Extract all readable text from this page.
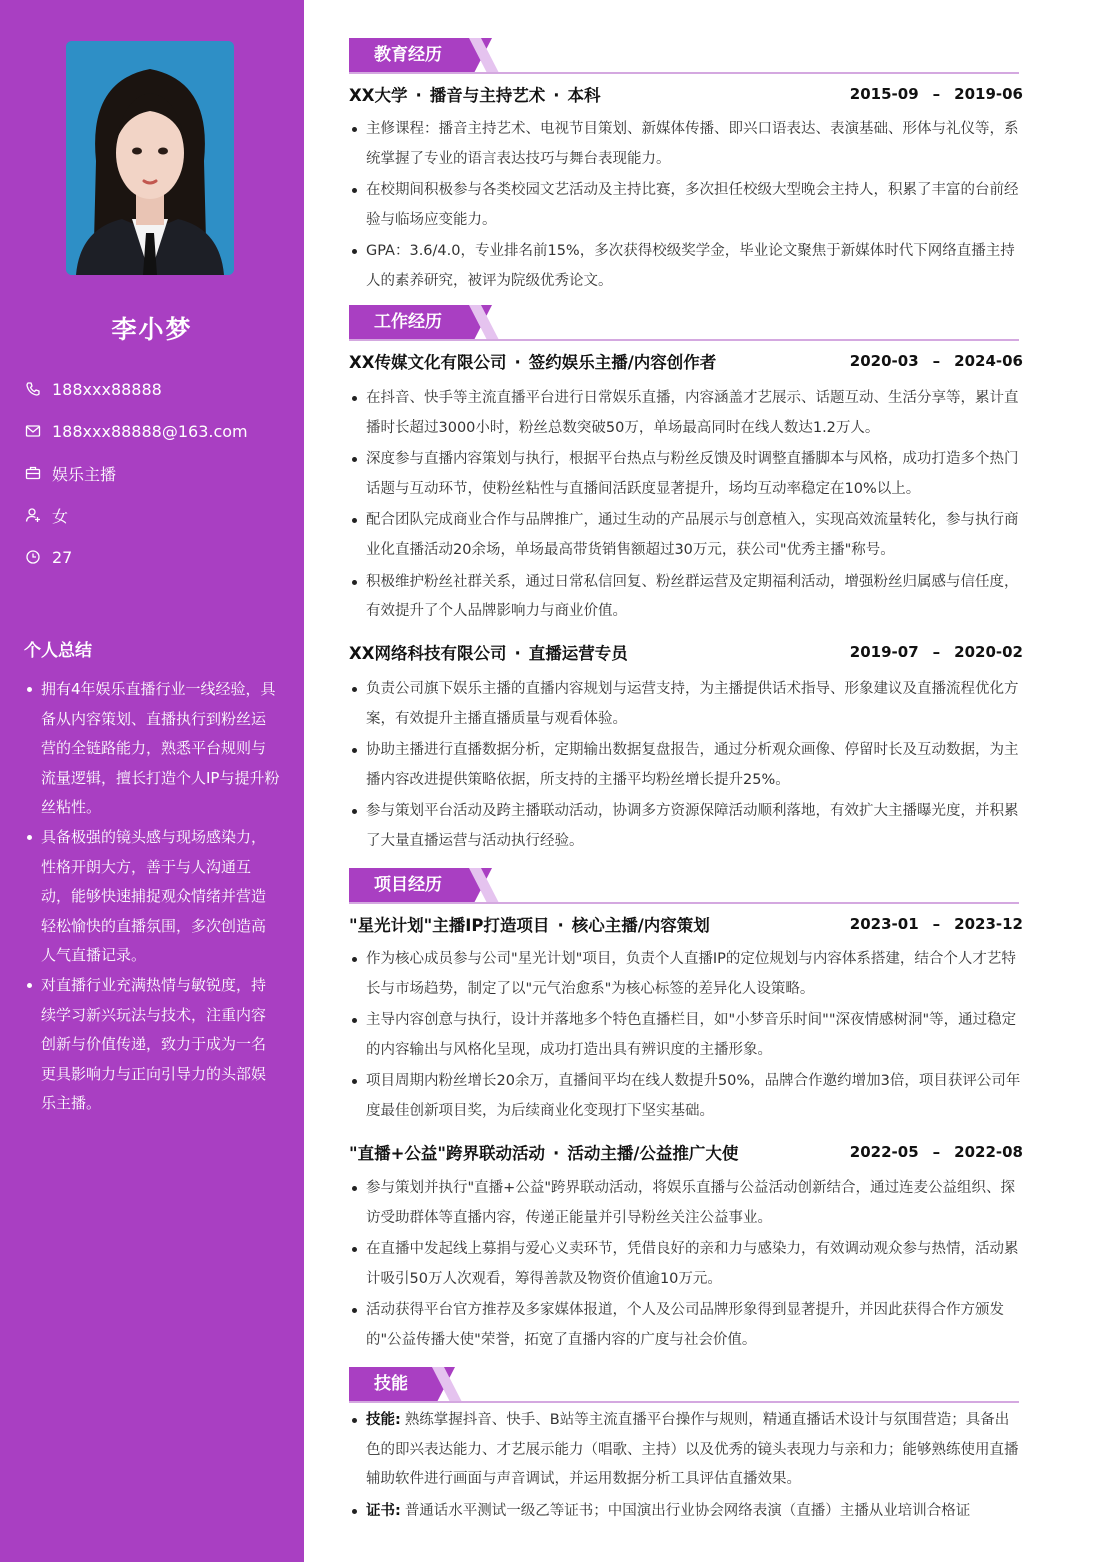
李小梦
188xxx88888
188xxx88888@163.com
娱乐主播
女
27
个人总结
拥有4年娱乐直播行业一线经验，具备从内容策划、直播执行到粉丝运营的全链路能力，熟悉平台规则与流量逻辑，擅长打造个人IP与提升粉丝粘性。
具备极强的镜头感与现场感染力，性格开朗大方，善于与人沟通互动，能够快速捕捉观众情绪并营造轻松愉快的直播氛围，多次创造高人气直播记录。
对直播行业充满热情与敏锐度，持续学习新兴玩法与技术，注重内容创新与价值传递，致力于成为一名更具影响力与正向引导力的头部娱乐主播。
教育经历
XX大学 · 播音与主持艺术 · 本科	2015-09 – 2019-06
主修课程：播音主持艺术、电视节目策划、新媒体传播、即兴口语表达、表演基础、形体与礼仪等，系统掌握了专业的语言表达技巧与舞台表现能力。
在校期间积极参与各类校园文艺活动及主持比赛，多次担任校级大型晚会主持人，积累了丰富的台前经验与临场应变能力。
GPA：3.6/4.0，专业排名前15%，多次获得校级奖学金，毕业论文聚焦于新媒体时代下网络直播主持人的素养研究，被评为院级优秀论文。
工作经历
XX传媒文化有限公司 · 签约娱乐主播/内容创作者	2020-03 – 2024-06
在抖音、快手等主流直播平台进行日常娱乐直播，内容涵盖才艺展示、话题互动、生活分享等，累计直播时长超过3000小时，粉丝总数突破50万，单场最高同时在线人数达1.2万人。
深度参与直播内容策划与执行，根据平台热点与粉丝反馈及时调整直播脚本与风格，成功打造多个热门话题与互动环节，使粉丝粘性与直播间活跃度显著提升，场均互动率稳定在10%以上。
配合团队完成商业合作与品牌推广，通过生动的产品展示与创意植入，实现高效流量转化，参与执行商业化直播活动20余场，单场最高带货销售额超过30万元，获公司"优秀主播"称号。
积极维护粉丝社群关系，通过日常私信回复、粉丝群运营及定期福利活动，增强粉丝归属感与信任度，有效提升了个人品牌影响力与商业价值。
XX网络科技有限公司 · 直播运营专员	2019-07 – 2020-02
负责公司旗下娱乐主播的直播内容规划与运营支持，为主播提供话术指导、形象建议及直播流程优化方案，有效提升主播直播质量与观看体验。
协助主播进行直播数据分析，定期输出数据复盘报告，通过分析观众画像、停留时长及互动数据，为主播内容改进提供策略依据，所支持的主播平均粉丝增长提升25%。
参与策划平台活动及跨主播联动活动，协调多方资源保障活动顺利落地，有效扩大主播曝光度，并积累了大量直播运营与活动执行经验。
项目经历
"星光计划"主播IP打造项目 · 核心主播/内容策划	2023-01 – 2023-12
作为核心成员参与公司"星光计划"项目，负责个人直播IP的定位规划与内容体系搭建，结合个人才艺特长与市场趋势，制定了以"元气治愈系"为核心标签的差异化人设策略。
主导内容创意与执行，设计并落地多个特色直播栏目，如"小梦音乐时间""深夜情感树洞"等，通过稳定的内容输出与风格化呈现，成功打造出具有辨识度的主播形象。
项目周期内粉丝增长20余万，直播间平均在线人数提升50%，品牌合作邀约增加3倍，项目获评公司年度最佳创新项目奖，为后续商业化变现打下坚实基础。
"直播+公益"跨界联动活动 · 活动主播/公益推广大使	2022-05 – 2022-08
参与策划并执行"直播+公益"跨界联动活动，将娱乐直播与公益活动创新结合，通过连麦公益组织、探访受助群体等直播内容，传递正能量并引导粉丝关注公益事业。
在直播中发起线上募捐与爱心义卖环节，凭借良好的亲和力与感染力，有效调动观众参与热情，活动累计吸引50万人次观看，筹得善款及物资价值逾10万元。
活动获得平台官方推荐及多家媒体报道，个人及公司品牌形象得到显著提升，并因此获得合作方颁发的"公益传播大使"荣誉，拓宽了直播内容的广度与社会价值。
技能
技能: 熟练掌握抖音、快手、B站等主流直播平台操作与规则，精通直播话术设计与氛围营造；具备出色的即兴表达能力、才艺展示能力（唱歌、主持）以及优秀的镜头表现力与亲和力；能够熟练使用直播辅助软件进行画面与声音调试，并运用数据分析工具评估直播效果。
证书: 普通话水平测试一级乙等证书；中国演出行业协会网络表演（直播）主播从业培训合格证
